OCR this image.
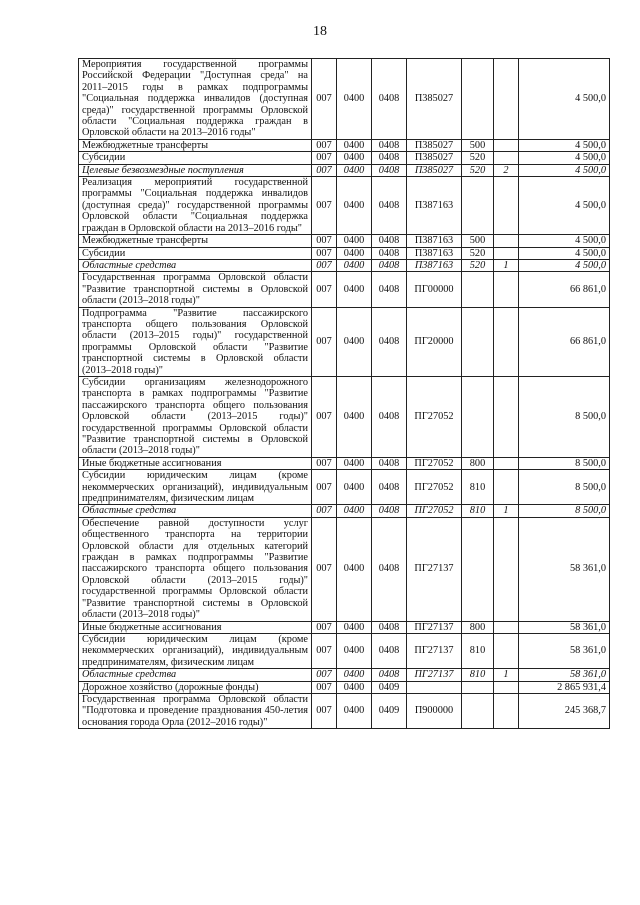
18
Мероприятия государственной программы Российской Федерации "Доступная среда" на 2011–2015 годы в рамках подпрограммы "Социальная поддержка инвалидов (доступная среда)" государственной программы Орловской области "Социальная поддержка граждан в Орловской области на 2013–2016 годы"	007	0400	0408	П385027			4 500,0
Межбюджетные трансферты	007	0400	0408	П385027	500		4 500,0
Субсидии	007	0400	0408	П385027	520		4 500,0
Целевые безвозмездные поступления	007	0400	0408	П385027	520	2	4 500,0
Реализация мероприятий государственной программы "Социальная поддержка инвалидов (доступная среда)" государственной программы Орловской области "Социальная поддержка граждан в Орловской области на 2013–2016 годы"	007	0400	0408	П387163			4 500,0
Межбюджетные трансферты	007	0400	0408	П387163	500		4 500,0
Субсидии	007	0400	0408	П387163	520		4 500,0
Областные средства	007	0400	0408	П387163	520	1	4 500,0
Государственная программа Орловской области "Развитие транспортной системы в Орловской области (2013–2018 годы)"	007	0400	0408	ПГ00000			66 861,0
Подпрограмма "Развитие пассажирского транспорта общего пользования Орловской области (2013–2015 годы)" государственной программы Орловской области "Развитие транспортной системы в Орловской области (2013–2018 годы)"	007	0400	0408	ПГ20000			66 861,0
Субсидии организациям железнодорожного транспорта в рамках подпрограммы "Развитие пассажирского транспорта общего пользования Орловской области (2013–2015 годы)" государственной программы Орловской области "Развитие транспортной системы в Орловской области (2013–2018 годы)"	007	0400	0408	ПГ27052			8 500,0
Иные бюджетные ассигнования	007	0400	0408	ПГ27052	800		8 500,0
Субсидии юридическим лицам (кроме некоммерческих организаций), индивидуальным предпринимателям, физическим лицам	007	0400	0408	ПГ27052	810		8 500,0
Областные средства	007	0400	0408	ПГ27052	810	1	8 500,0
Обеспечение равной доступности услуг общественного транспорта на территории Орловской области для отдельных категорий граждан в рамках подпрограммы "Развитие пассажирского транспорта общего пользования Орловской области (2013–2015 годы)" государственной программы Орловской области "Развитие транспортной системы в Орловской области (2013–2018 годы)"	007	0400	0408	ПГ27137			58 361,0
Иные бюджетные ассигнования	007	0400	0408	ПГ27137	800		58 361,0
Субсидии юридическим лицам (кроме некоммерческих организаций), индивидуальным предпринимателям, физическим лицам	007	0400	0408	ПГ27137	810		58 361,0
Областные средства	007	0400	0408	ПГ27137	810	1	58 361,0
Дорожное хозяйство (дорожные фонды)	007	0400	0409				2 865 931,4
Государственная программа Орловской области "Подготовка и проведение празднования 450-летия основания города Орла (2012–2016 годы)"	007	0400	0409	П900000			245 368,7
